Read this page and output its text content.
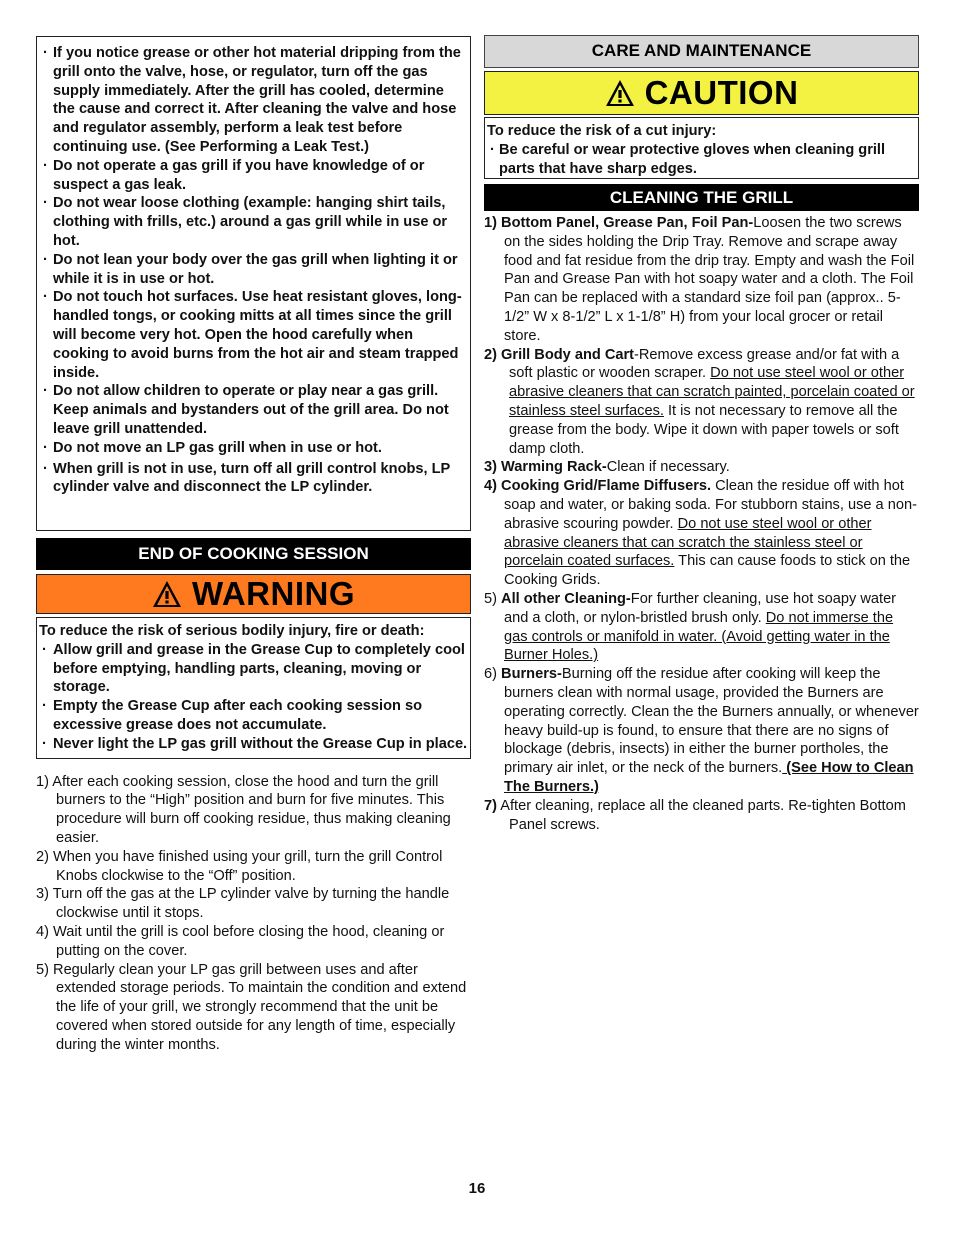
· If you notice grease or other hot material dripping from the grill onto the valve, hose, or regulator, turn off the gas supply immediately. After the grill has cooled, determine the cause and correct it. After cleaning the valve and hose and regulator assembly, perform a leak test before continuing use. (See Performing a Leak Test.)
· Do not operate a gas grill if you have knowledge of or suspect a gas leak.
· Do not wear loose clothing (example: hanging shirt tails, clothing with frills, etc.) around a gas grill while in use or hot.
· Do not lean your body over the gas grill when lighting it or while it is in use or hot.
· Do not touch hot surfaces. Use heat resistant gloves, long-handled tongs, or cooking mitts at all times since the grill will become very hot. Open the hood carefully when cooking to avoid burns from the hot air and steam trapped inside.
· Do not allow children to operate or play near a gas grill. Keep animals and bystanders out of the grill area. Do not leave grill unattended.
· Do not move an LP gas grill when in use or hot.
· When grill is not in use, turn off all grill control knobs, LP cylinder valve and disconnect the LP cylinder.
END OF COOKING SESSION
WARNING
To reduce the risk of serious bodily injury, fire or death:
· Allow grill and grease in the Grease Cup to completely cool before emptying, handling parts, cleaning, moving or storage.
· Empty the Grease Cup after each cooking session so excessive grease does not accumulate.
· Never light the LP gas grill without the Grease Cup in place.
1) After each cooking session, close the hood and turn the grill burners to the “High” position and burn for five minutes. This procedure will burn off cooking residue, thus making cleaning easier.
2) When you have finished using your grill, turn the grill Control Knobs clockwise to the “Off” position.
3) Turn off the gas at the LP cylinder valve by turning the handle clockwise until it stops.
4) Wait until the grill is cool before closing the hood, cleaning or putting on the cover.
5) Regularly clean your LP gas grill between uses and after extended storage periods. To maintain the condition and extend the life of your grill, we strongly recommend that the unit be covered when stored outside for any length of time, especially during the winter months.
CARE AND MAINTENANCE
CAUTION
To reduce the risk of a cut injury:
· Be careful or wear protective gloves when cleaning grill parts that have sharp edges.
CLEANING THE GRILL
1) Bottom Panel, Grease Pan, Foil Pan-Loosen the two screws on the sides holding the Drip Tray. Remove and scrape away food and fat residue from the drip tray. Empty and wash the Foil Pan and Grease Pan with hot soapy water and a cloth. The Foil Pan can be replaced with a standard size foil pan (approx.. 5-1/2” W x 8-1/2” L x 1-1/8” H) from your local grocer or retail store.
2) Grill Body and Cart-Remove excess grease and/or fat with a soft plastic or wooden scraper. Do not use steel wool or other abrasive cleaners that can scratch painted, porcelain coated or stainless steel surfaces. It is not necessary to remove all the grease from the body. Wipe it down with paper towels or soft damp cloth.
3) Warming Rack-Clean if necessary.
4) Cooking Grid/Flame Diffusers. Clean the residue off with hot soap and water, or baking soda. For stubborn stains, use a non-abrasive scouring powder. Do not use steel wool or other abrasive cleaners that can scratch the stainless steel or porcelain coated surfaces. This can cause foods to stick on the Cooking Grids.
5) All other Cleaning-For further cleaning, use hot soapy water and a cloth, or nylon-bristled brush only. Do not immerse the gas controls or manifold in water. (Avoid getting water in the Burner Holes.)
6) Burners-Burning off the residue after cooking will keep the burners clean with normal usage, provided the Burners are operating correctly. Clean the the Burners annually, or whenever heavy build-up is found, to ensure that there are no signs of blockage (debris, insects) in either the burner portholes, the primary air inlet, or the neck of the burners. (See How to Clean The Burners.)
7) After cleaning, replace all the cleaned parts. Re-tighten Bottom Panel screws.
16
